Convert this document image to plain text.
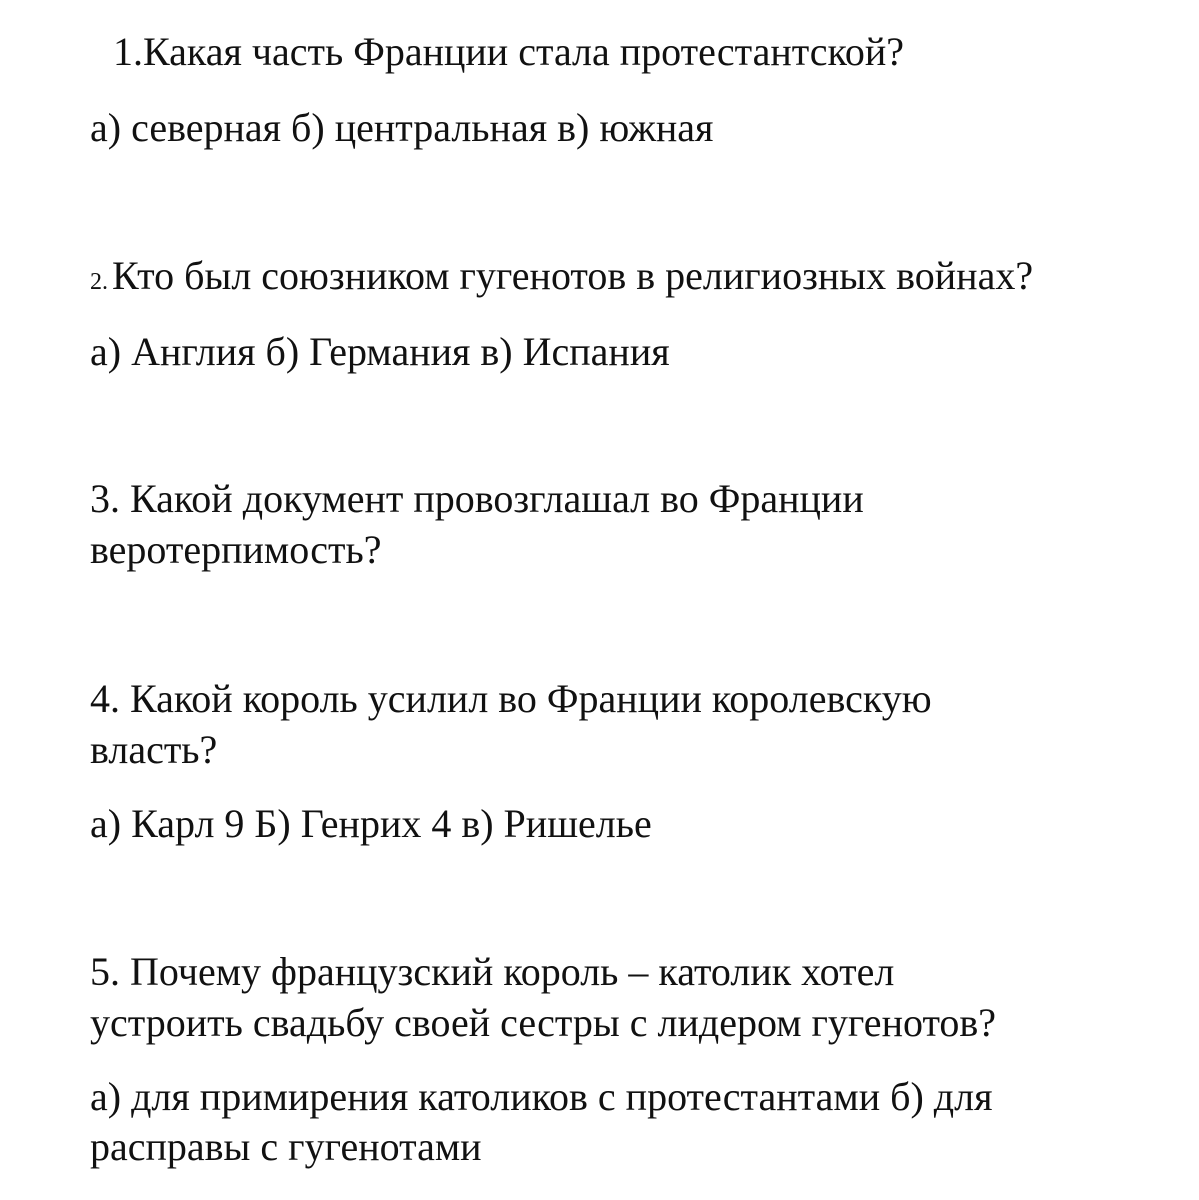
1.Какая часть Франции стала протестантской?

а) северная б) центральная в) южная

2. Кто был союзником гугенотов в религиозных войнах?

а) Англия б) Германия в) Испания

3. Какой документ провозглашал во Франции

веротерпимость?

4. Какой король усилил во Франции королевскую

власть?

а) Карл 9 Б) Генрих 4 в) Ришелье

5. Почему французский король – католик хотел

устроить свадьбу своей сестры с лидером гугенотов?

а) для примирения католиков с протестантами б) для

расправы с гугенотами
